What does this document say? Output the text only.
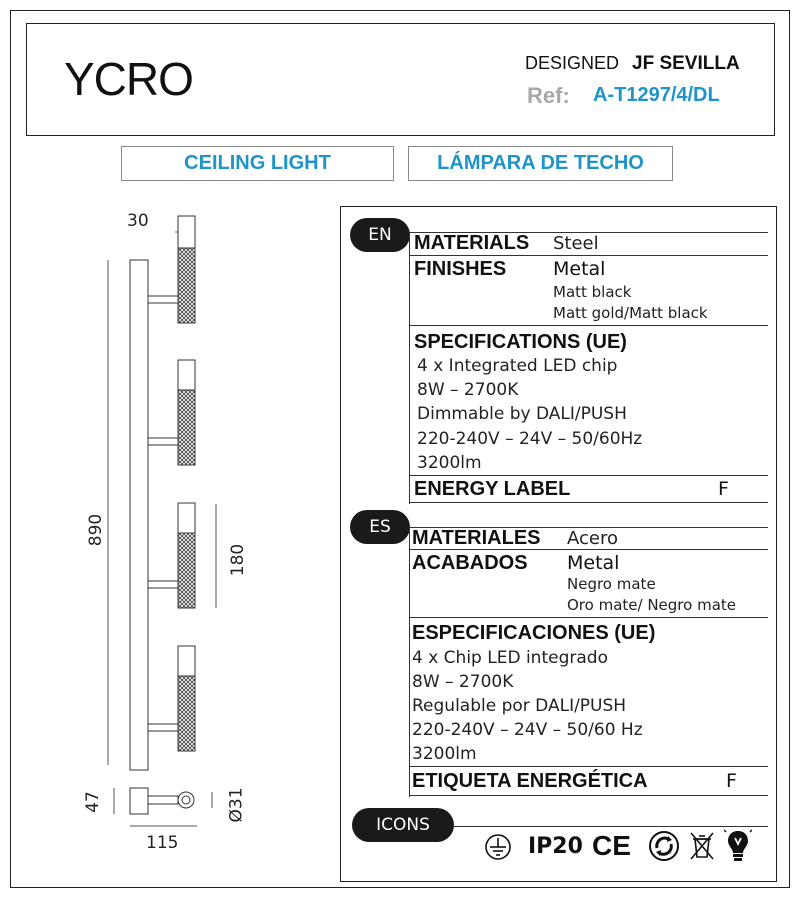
YCRO	DESIGNED JF SEVILLA
Ref: A-T1297/4/DL
CEILING LIGHT	LÁMPARA DE TECHO
30
890
180
47
115
Ø31
EN	MATERIALS Steel
FINISHES Metal
Matt black
Matt gold/Matt black
SPECIFICATIONS (UE)
4 x Integrated LED chip
8W – 2700K
Dimmable by DALI/PUSH
220-240V – 24V – 50/60Hz
3200lm
ENERGY LABEL	F
ES	MATERIALES Acero
ACABADOS Metal
Negro mate
Oro mate/ Negro mate
ESPECIFICACIONES (UE)
4 x Chip LED integrado
8W – 2700K
Regulable por DALI/PUSH
220-240V – 24V – 50/60 Hz
3200lm
ETIQUETA ENERGÉTICA	F
ICONS
IP20 CE
